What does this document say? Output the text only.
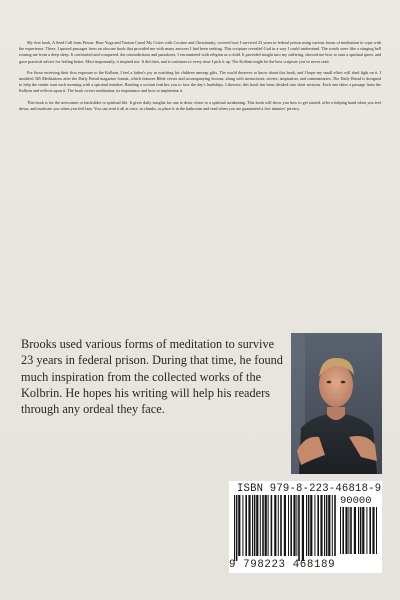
My first book, A Seed Call from Prison: How Yoga and Taoism Cured My Crises with Cocaine and Christianity, covered how I survived 23 years in federal prison using various forms of meditation to cope with the experience. There, I quoted passages from an obscure book that provided me with many answers I had been seeking. This scripture revealed God in a way I could understand. The words were like a stinging bell rousing me from a deep sleep. It confronted and conquered, the contradictions and paradoxes, I encountered with religion as a child. It provided insight into my suffering, showed me how to start a spiritual quest, and gave practical advice for feeling better. Most importantly, it inspired me. It did then, and it continues to every time I pick it up. The Kolbrin might be the best scripture you've never read.

For those receiving their first exposure to the Kolbrin, I feel a father's joy in watching his children unwrap gifts. The world deserves to know about this book, and I hope my small effort will shed light on it. I modeled 365 Meditations after the Daily Bread magazine format, which features Bible verses and accompanying lessons, along with instructions, stories, inspiration, and commentaries. The Daily Bread is designed to help the reader start each morning with a spiritual mindset. Reading a section fortifies you to face the day's hardships. Likewise, this book has been divided into short sections. Each one takes a passage from the Kolbrin and reflects upon it. The book covers meditation, its importance and how to implement it.

This book is for the newcomer or backslider to spiritual life. It gives daily insights for one to draw closer to a spiritual awakening. This book will show you how to get started, offer a helping hand when you feel down, and motivate you when you feel lazy. You can read it all at once, in chunks, or place it in the bathroom and read when you are guaranteed a few minutes' privacy.

Brooks used various forms of meditation to survive 23 years in federal prison. During that time, he found much inspiration from the collected works of the Kolbrin. He hopes his writing will help his readers through any ordeal they face.
ISBN 979-8-223-46818-9
90000
9 798223 468189
